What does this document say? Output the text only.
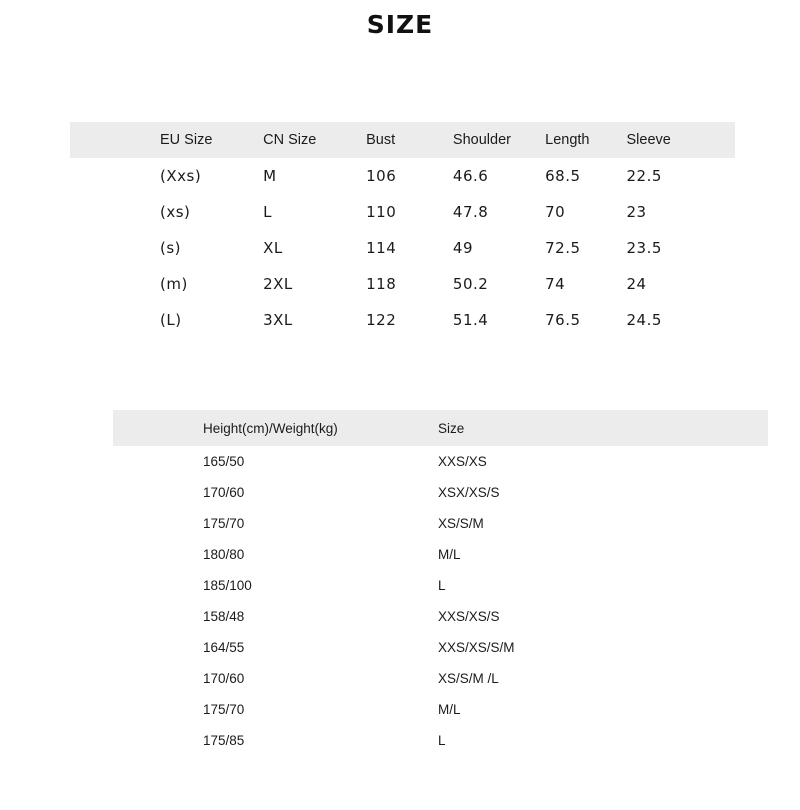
SIZE
EU Size	CN Size	Bust	Shoulder	Length	Sleeve
(Xxs)	M	106	46.6	68.5	22.5
(xs)	L	110	47.8	70	23
(s)	XL	114	49	72.5	23.5
(m)	2XL	118	50.2	74	24
(L)	3XL	122	51.4	76.5	24.5
Height(cm)/Weight(kg)	Size
165/50	XXS/XS
170/60	XSX/XS/S
175/70	XS/S/M
180/80	M/L
185/100	L
158/48	XXS/XS/S
164/55	XXS/XS/S/M
170/60	XS/S/M /L
175/70	M/L
175/85	L
